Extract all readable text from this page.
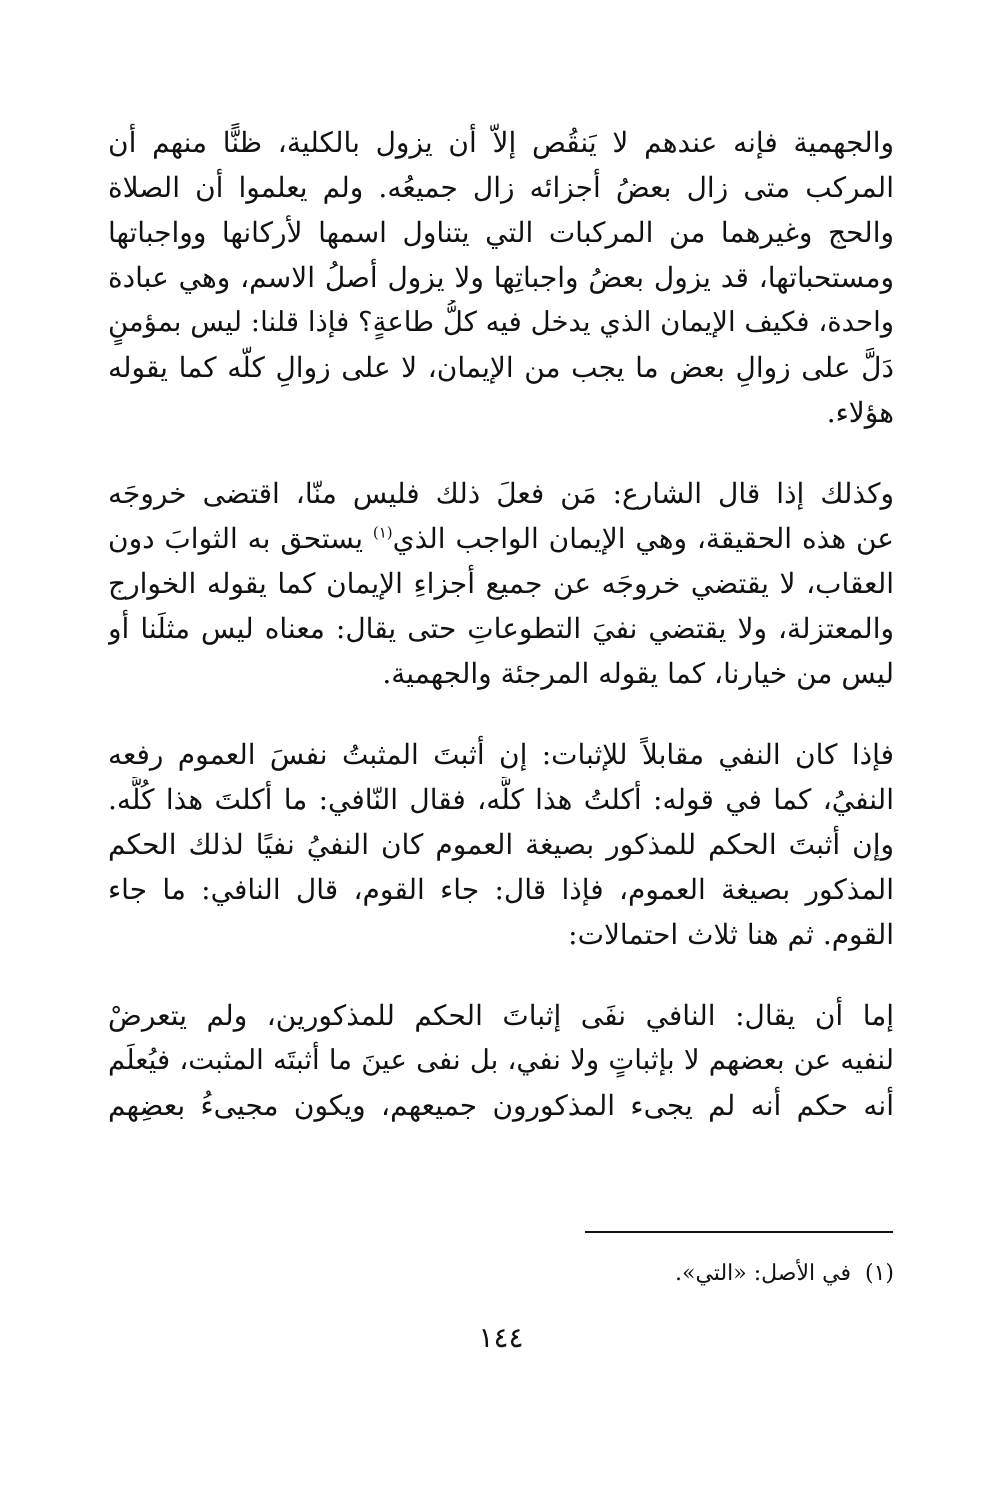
والجهمية فإنه عندهم لا يَنقُص إلاّ أن يزول بالكلية، ظنًّا منهم أن
المركب متى زال بعضُ أجزائه زال جميعُه. ولم يعلموا أن الصلاة
والحج وغيرهما من المركبات التي يتناول اسمها لأركانها وواجباتها
ومستحباتها، قد يزول بعضُ واجباتِها ولا يزول أصلُ الاسم، وهي عبادة
واحدة، فكيف الإيمان الذي يدخل فيه كلُّ طاعةٍ؟ فإذا قلنا: ليس بمؤمنٍ
دَلَّ على زوالِ بعض ما يجب من الإيمان، لا على زوالِ كلّه كما يقوله
هؤلاء.

وكذلك إذا قال الشارع: مَن فعلَ ذلك فليس منّا، اقتضى خروجَه
عن هذه الحقيقة، وهي الإيمان الواجب الذي$^{(١)}$ يستحق به الثوابَ دون
العقاب، لا يقتضي خروجَه عن جميع أجزاءِ الإيمان كما يقوله الخوارج
والمعتزلة، ولا يقتضي نفيَ التطوعاتِ حتى يقال: معناه ليس مثلَنا أو
ليس من خيارنا، كما يقوله المرجئة والجهمية.

فإذا كان النفي مقابلاً للإثبات: إن أثبتَ المثبتُ نفسَ العموم رفعه
النفيُ، كما في قوله: أكلتُ هذا كلَّه، فقال النّافي: ما أكلتَ هذا كُلَّه.
وإن أثبتَ الحكم للمذكور بصيغة العموم كان النفيُ نفيًا لذلك الحكم
المذكور بصيغة العموم، فإذا قال: جاء القوم، قال النافي: ما جاء
القوم. ثم هنا ثلاث احتمالات:

إما أن يقال: النافي نفَى إثباتَ الحكم للمذكورين، ولم يتعرضْ
لنفيه عن بعضهم لا بإثباتٍ ولا نفي، بل نفى عينَ ما أثبتَه المثبت، فيُعلَم
أنه حكم أنه لم يجىء المذكورون جميعهم، ويكون مجيىءُ بعضِهم

(١)في الأصل: «التي».
١٤٤
